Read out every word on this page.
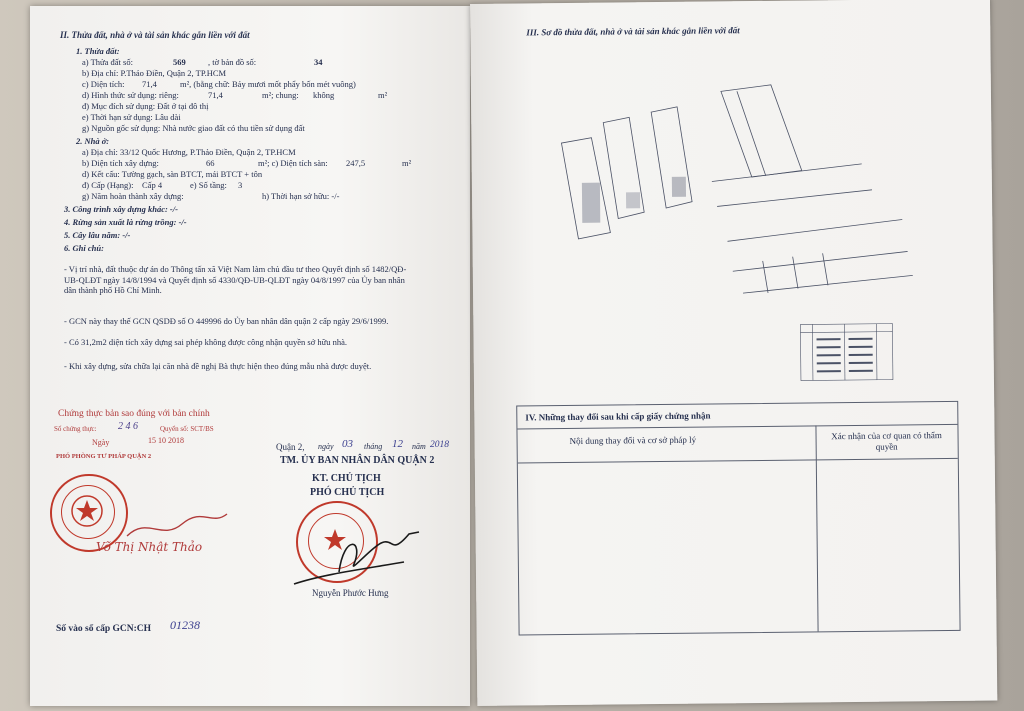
II. Thửa đất, nhà ở và tài sản khác gắn liền với đất
1. Thửa đất:
a) Thửa đất số:	569	, tờ bản đồ số:	34
b) Địa chỉ: P.Thảo Điền, Quận 2, TP.HCM
c) Diện tích: 71,4	m², (bằng chữ: Bảy mươi mốt phẩy bốn mét vuông)
d) Hình thức sử dụng: riêng:	71,4	m²; chung: không	m²
đ) Mục đích sử dụng: Đất ở tại đô thị
e) Thời hạn sử dụng: Lâu dài
g) Nguồn gốc sử dụng: Nhà nước giao đất có thu tiền sử dụng đất
2. Nhà ở:
a) Địa chỉ: 33/12 Quốc Hương, P.Thảo Điền, Quận 2, TP.HCM
b) Diện tích xây dựng:	66	m²; c) Diện tích sàn: 247,5	m²
d) Kết cấu: Tường gạch, sàn BTCT, mái BTCT + tôn
đ) Cấp (Hạng): Cấp 4	e) Số tầng: 3
g) Năm hoàn thành xây dựng:	h) Thời hạn sở hữu: -/-
3. Công trình xây dựng khác: -/-
4. Rừng sản xuất là rừng trồng: -/-
5. Cây lâu năm: -/-
6. Ghi chú:
- Vị trí nhà, đất thuộc dự án do Thông tấn xã Việt Nam làm chủ đầu tư theo Quyết định số 1482/QĐ-UB-QLĐT ngày 14/8/1994 và Quyết định số 4330/QĐ-UB-QLĐT ngày 04/8/1997 của Ủy ban nhân dân thành phố Hồ Chí Minh.
- GCN này thay thế GCN QSDĐ số O 449996 do Ủy ban nhân dân quận 2 cấp ngày 29/6/1999.
- Có 31,2m2 diện tích xây dựng sai phép không được công nhận quyền sở hữu nhà.
- Khi xây dựng, sửa chữa lại căn nhà đề nghị Bà thực hiện theo đúng mẫu nhà được duyệt.
Chứng thực bản sao đúng với bản chính
Số chứng thực: 2 4 6	Quyển số: SCT/BS
Ngày	15 10 2018
PHÓ PHÒNG TƯ PHÁP QUẬN 2
Võ Thị Nhật Thảo
Quận 2, ngày 03 tháng 12 năm 2018
TM. ỦY BAN NHÂN DÂN QUẬN 2
KT. CHỦ TỊCH
PHÓ CHỦ TỊCH
Nguyễn Phước Hưng
Số vào sổ cấp GCN:CH 01238
III. Sơ đồ thửa đất, nhà ở và tài sản khác gắn liền với đất
IV. Những thay đổi sau khi cấp giấy chứng nhận
Nội dung thay đổi và cơ sở pháp lý	Xác nhận của cơ quan có thẩm quyền
